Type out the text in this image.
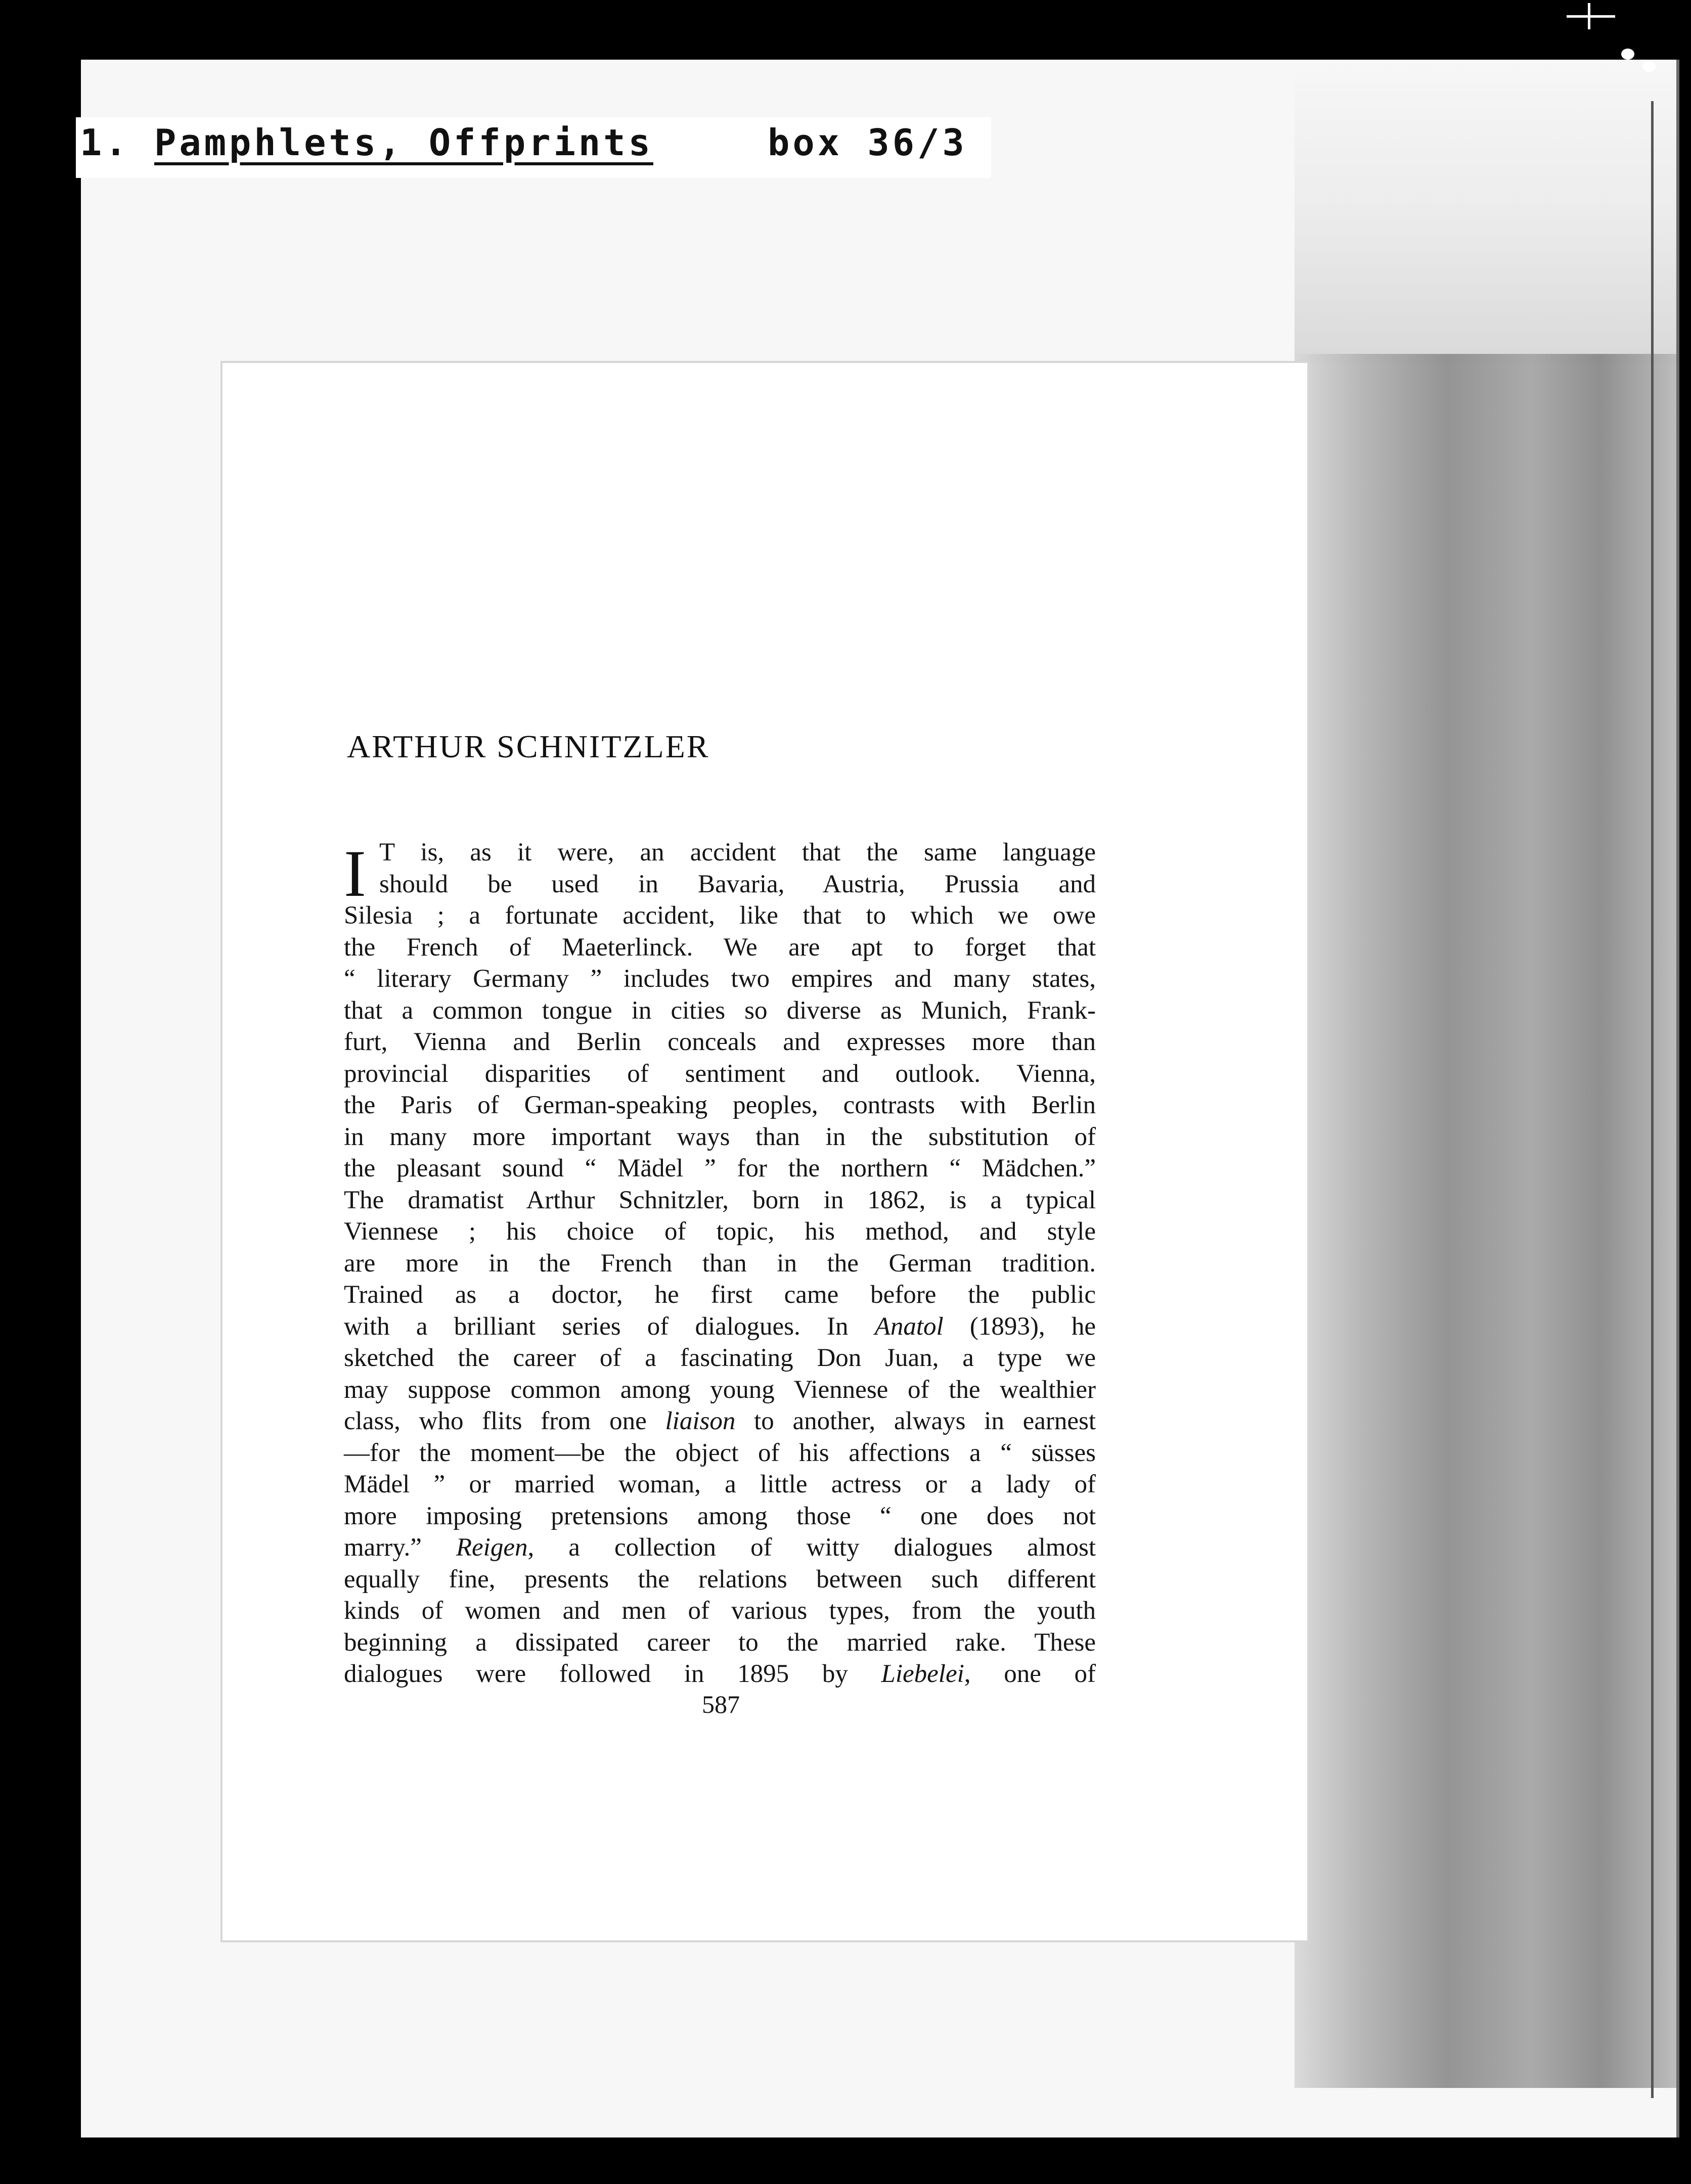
1. Pamphlets, Offprints	box 36/3
ARTHUR SCHNITZLER
I T is, as it were, an accident that the same language
should be used in Bavaria, Austria, Prussia and
Silesia ; a fortunate accident, like that to which we owe
the French of Maeterlinck. We are apt to forget that
“ literary Germany ” includes two empires and many states,
that a common tongue in cities so diverse as Munich, Frank-
furt, Vienna and Berlin conceals and expresses more than
provincial disparities of sentiment and outlook. Vienna,
the Paris of German-speaking peoples, contrasts with Berlin
in many more important ways than in the substitution of
the pleasant sound “ Mädel ” for the northern “ Mädchen.”
The dramatist Arthur Schnitzler, born in 1862, is a typical
Viennese ; his choice of topic, his method, and style
are more in the French than in the German tradition.
Trained as a doctor, he first came before the public
with a brilliant series of dialogues. In Anatol (1893), he
sketched the career of a fascinating Don Juan, a type we
may suppose common among young Viennese of the wealthier
class, who flits from one liaison to another, always in earnest
—for the moment—be the object of his affections a “ süsses
Mädel ” or married woman, a little actress or a lady of
more imposing pretensions among those “ one does not
marry.” Reigen, a collection of witty dialogues almost
equally fine, presents the relations between such different
kinds of women and men of various types, from the youth
beginning a dissipated career to the married rake. These
dialogues were followed in 1895 by Liebelei, one of
587
